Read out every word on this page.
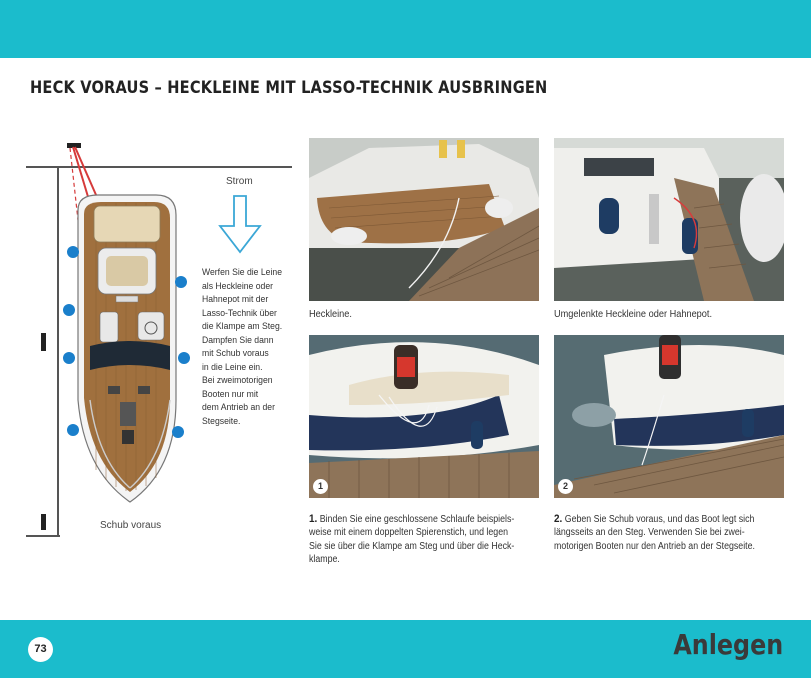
HECK VORAUS – HECKLEINE MIT LASSO-TECHNIK AUSBRINGEN
Strom
Werfen Sie die Leine
als Heckleine oder
Hahnepot mit der
Lasso-Technik über
die Klampe am Steg.
Dampfen Sie dann
mit Schub voraus
in die Leine ein.
Bei zweimotorigen
Booten nur mit
dem Antrieb an der
Stegseite.
Schub voraus
Heckleine.	Umgelenkte Heckleine oder Hahnepot.
1	2
1. Binden Sie eine geschlossene Schlaufe beispiels-
weise mit einem doppelten Spierenstich, und legen
Sie sie über die Klampe am Steg und über die Heck-
klampe.
2. Geben Sie Schub voraus, und das Boot legt sich
längsseits an den Steg. Verwenden Sie bei zwei-
motorigen Booten nur den Antrieb an der Stegseite.
73	Anlegen
